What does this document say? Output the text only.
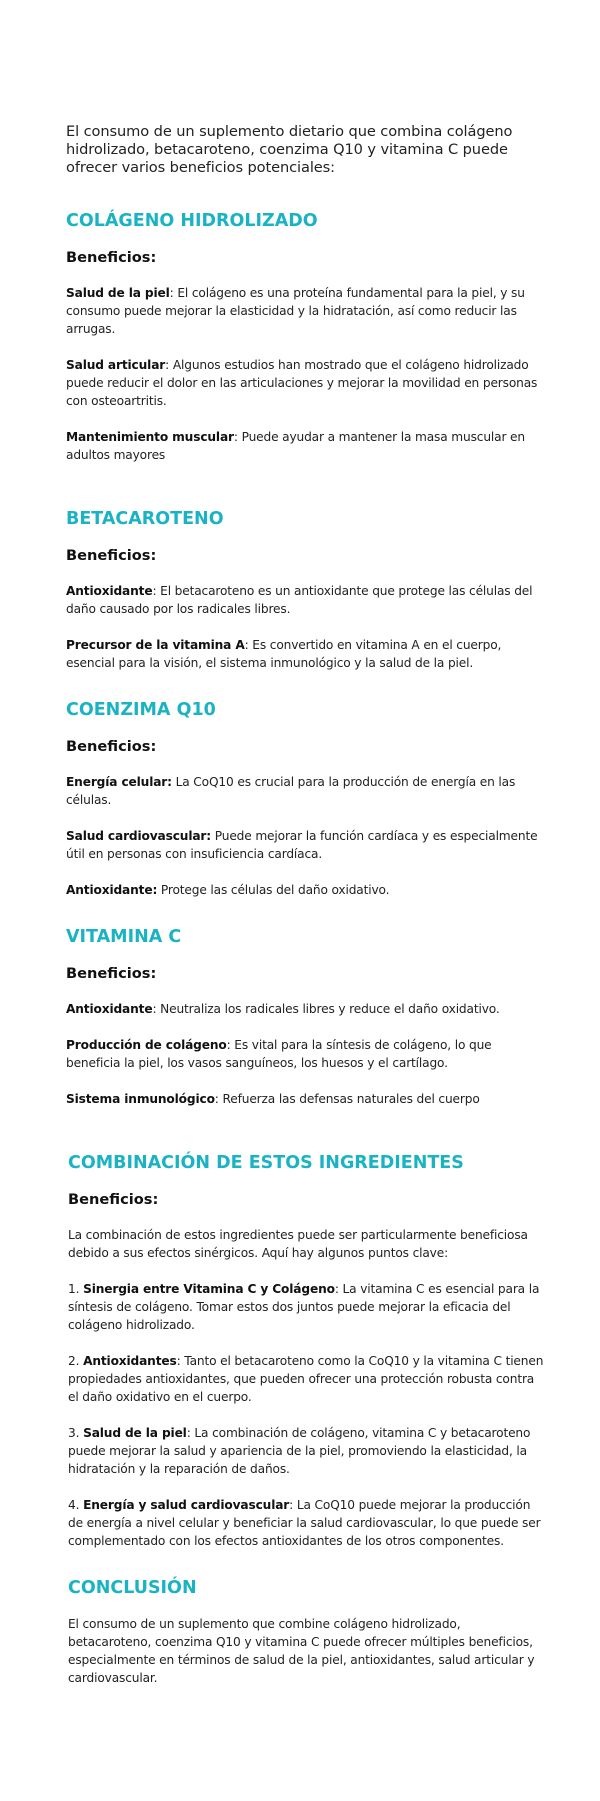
El consumo de un suplemento dietario que combina colágeno hidrolizado, betacaroteno, coenzima Q10 y vitamina C puede ofrecer varios beneficios potenciales:

COLÁGENO HIDROLIZADO
Beneficios:

Salud de la piel: El colágeno es una proteína fundamental para la piel, y su consumo puede mejorar la elasticidad y la hidratación, así como reducir las arrugas.

Salud articular: Algunos estudios han mostrado que el colágeno hidrolizado puede reducir el dolor en las articulaciones y mejorar la movilidad en personas con osteoartritis.

Mantenimiento muscular: Puede ayudar a mantener la masa muscular en adultos mayores

BETACAROTENO
Beneficios:

Antioxidante: El betacaroteno es un antioxidante que protege las células del daño causado por los radicales libres.

Precursor de la vitamina A: Es convertido en vitamina A en el cuerpo, esencial para la visión, el sistema inmunológico y la salud de la piel.

COENZIMA Q10
Beneficios:

Energía celular: La CoQ10 es crucial para la producción de energía en las células.

Salud cardiovascular: Puede mejorar la función cardíaca y es especialmente útil en personas con insuficiencia cardíaca.

Antioxidante: Protege las células del daño oxidativo.

VITAMINA C
Beneficios:

Antioxidante: Neutraliza los radicales libres y reduce el daño oxidativo.

Producción de colágeno: Es vital para la síntesis de colágeno, lo que beneficia la piel, los vasos sanguíneos, los huesos y el cartílago.

Sistema inmunológico: Refuerza las defensas naturales del cuerpo

COMBINACIÓN DE ESTOS INGREDIENTES
Beneficios:

La combinación de estos ingredientes puede ser particularmente beneficiosa debido a sus efectos sinérgicos. Aquí hay algunos puntos clave:

1. Sinergia entre Vitamina C y Colágeno: La vitamina C es esencial para la síntesis de colágeno. Tomar estos dos juntos puede mejorar la eficacia del colágeno hidrolizado.

2. Antioxidantes: Tanto el betacaroteno como la CoQ10 y la vitamina C tienen propiedades antioxidantes, que pueden ofrecer una protección robusta contra el daño oxidativo en el cuerpo.

3. Salud de la piel: La combinación de colágeno, vitamina C y betacaroteno puede mejorar la salud y apariencia de la piel, promoviendo la elasticidad, la hidratación y la reparación de daños.

4. Energía y salud cardiovascular: La CoQ10 puede mejorar la producción de energía a nivel celular y beneficiar la salud cardiovascular, lo que puede ser complementado con los efectos antioxidantes de los otros componentes.

CONCLUSIÓN

El consumo de un suplemento que combine colágeno hidrolizado, betacaroteno, coenzima Q10 y vitamina C puede ofrecer múltiples beneficios, especialmente en términos de salud de la piel, antioxidantes, salud articular y cardiovascular.
